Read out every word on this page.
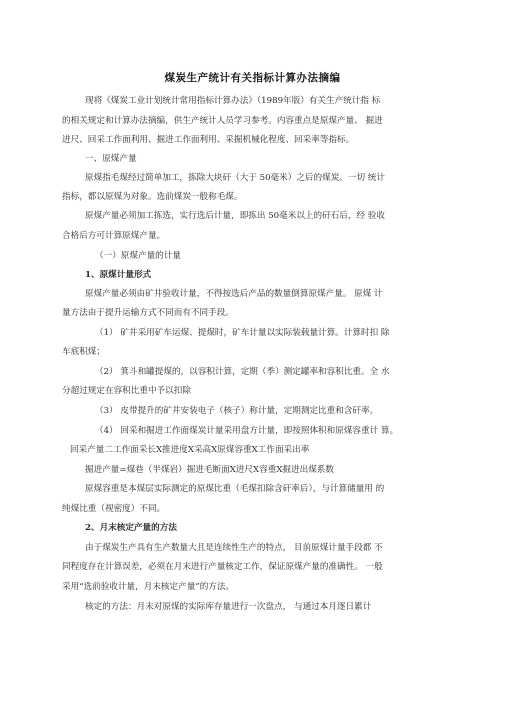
煤炭生产统计有关指标计算办法摘编
现将《煤炭工业计划统计常用指标计算办法》（1989年版）有关生产统计指 标
的相关规定和计算办法摘编，供生产统计人员学习参考。内容重点是原煤产量、 掘进
进尺、回采工作面利用、掘进工作面利用、采掘机械化程度、回采率等指标。
一、原煤产量
原煤指毛煤经过简单加工，拣除大块矸（大于 50毫米）之后的煤炭。一切 统计
指标，都以原煤为对象。选前煤炭一般称毛煤。
原煤产量必须加工拣选，实行选后计量，即拣出 50毫米以上的矸石后，经 验收
合格后方可计算原煤产量。
（一）原煤产量的计量
1、原煤计量形式
原煤产量必须由矿井验收计量，不得按选后产品的数量倒算原煤产量。 原煤 计
量方法由于提升运输方式不同而有不同手段。
（1） 矿井采用矿车运煤、提煤时，矿车计量以实际装载量计算。计算时扣 除
车底积煤；
（2） 箕斗和罐提煤的，以容积计算，定期（季）测定罐率和容积比重。全 水
分超过规定在容积比重中予以扣除
（3） 皮带提升的矿井安装电子（核子）称计量，定期测定比重和含矸率。
（4） 回采和掘进工作面煤炭计量采用盘方计量，即按照体积和原煤容重计 算。
回采产量二工作面采长X推进度X采高X原煤容重X工作面采出率
掘进产量=煤巷（半煤岩）掘进毛断面X进尺X容重X掘进出煤系数
原煤容重是本煤层实际测定的原煤比重（毛煤扣除含矸率后），与计算储量用 的
纯煤比重（视密度）不同。
2、月末核定产量的方法
由于煤炭生产具有生产数量大且是连续性生产的特点， 目前原煤计量手段都 不
同程度存在计算误差，必须在月末进行产量核定工作，保证原煤产量的准确性。 一般
采用“选前验收计量，月末核定产量”的方法。
核定的方法：月末对原煤的实际库存量进行一次盘点， 与通过本月逐日累计
